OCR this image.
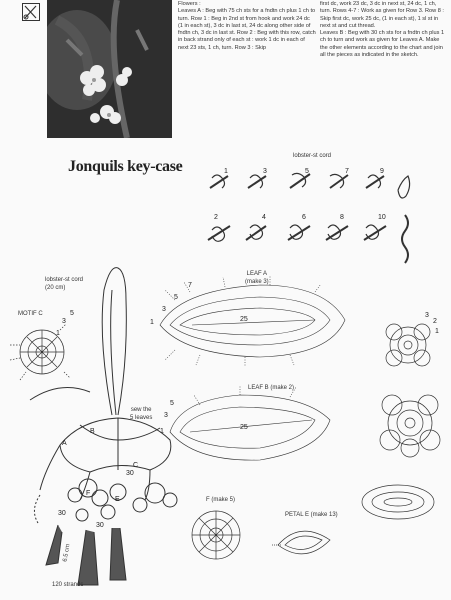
Flowers :
Leaves A : Beg with 75 ch sts for a fndtn ch plus 1 ch to turn. Row 1 : Beg in 2nd st from hook and work 24 dc (1 in each st), 3 dc in last st, 24 dc along other side of fndtn ch, 3 dc in last st. Row 2 : Beg with this row, catch in back strand only of each st : work 1 dc in each of next 23 sts, 1 ch, turn. Row 3 : Skip
first dc, work 23 dc, 3 dc in next st, 24 dc, 1 ch, turn. Rows 4-7 : Work as given for Row 3. Row 8 : Skip first dc, work 25 dc, (1 in each st), 1 sl st in next st and cut thread.
Leaves B : Beg with 30 ch sts for a fndtn ch plus 1 ch to turn and work as given for Leaves A. Make the other elements according to the chart and join all the pieces as indicated in the sketch.
Jonquils key-case
lobster-st cord
lobster-st cord
(20 cm)
MOTIF C
LEAF A
(make 3)
LEAF B (make 2)
sew the
5 leaves
F (make 5)
PETAL E (make 13)
120 strands
6.5 cm
A
B
C
E
F
25
25
30
30
30
1	3	5	7	9
2	4	6	8	10
7
5
3
1
5
3
1
3
5
1
3
2
1
